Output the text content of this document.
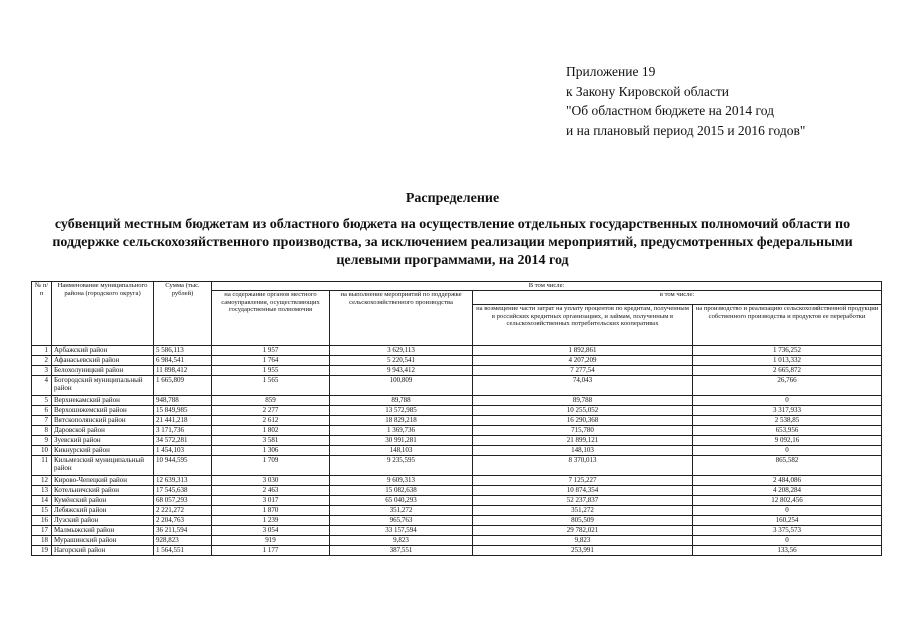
Приложение 19
к Закону Кировской области
"Об областном бюджете на 2014 год
и на плановый период 2015 и 2016 годов"
Распределение
субвенций местным бюджетам из областного бюджета на осуществление отдельных государственных полномочий области по поддержке сельскохозяйственного производства, за исключением реализации мероприятий, предусмотренных федеральными целевыми программами, на 2014 год
№ п/п	Наименование муниципального района (городского округа)	Сумма (тыс. рублей)	В том числе:			
			на содержание органов местного самоуправления, осуществляющих государственные полномочия	на выполнение мероприятий по поддержке сельскохозяйственного производства	в том числе:	
					на возмещение части затрат на уплату процентов по кредитам, полученным в российских кредитных организациях, и займам, полученным в сельскохозяйственных потребительских кооперативах	на производство и реализацию сельскохозяйственной продукции собственного производства и продуктов ее переработки
1	Арбажский район	5 586,113	1 957	3 629,113	1 892,861	1 736,252
2	Афанасьевский район	6 984,541	1 764	5 220,541	4 207,209	1 013,332
3	Белохолуницкий район	11 898,412	1 955	9 943,412	7 277,54	2 665,872
4	Богородский муниципальный район	1 665,809	1 565	100,809	74,043	26,766
5	Верхнекамский район	948,788	859	89,788	89,788	0
6	Верхошижемский район	15 849,985	2 277	13 572,985	10 255,052	3 317,933
7	Вятскополянский район	21 441,218	2 612	18 829,218	16 290,368	2 538,85
8	Даровской район	3 171,736	1 802	1 369,736	715,780	653,956
9	Зуевский район	34 572,281	3 581	30 991,281	21 899,121	9 092,16
10	Кикнурский район	1 454,103	1 306	148,103	148,103	0
11	Кильмезский муниципальный район	10 944,595	1 709	9 235,595	8 370,013	865,582
12	Кирово-Чепецкий район	12 639,313	3 030	9 609,313	7 125,227	2 484,086
13	Котельничский район	17 545,638	2 463	15 082,638	10 874,354	4 208,284
14	Кумёнский район	68 057,293	3 017	65 040,293	52 237,837	12 802,456
15	Лебяжский район	2 221,272	1 870	351,272	351,272	0
16	Лузский район	2 204,763	1 239	965,763	805,509	160,254
17	Малмыжский район	36 211,594	3 054	33 157,594	29 782,021	3 375,573
18	Мурашинский район	928,823	919	9,823	9,823	0
19	Нагорский район	1 564,551	1 177	387,551	253,991	133,56
